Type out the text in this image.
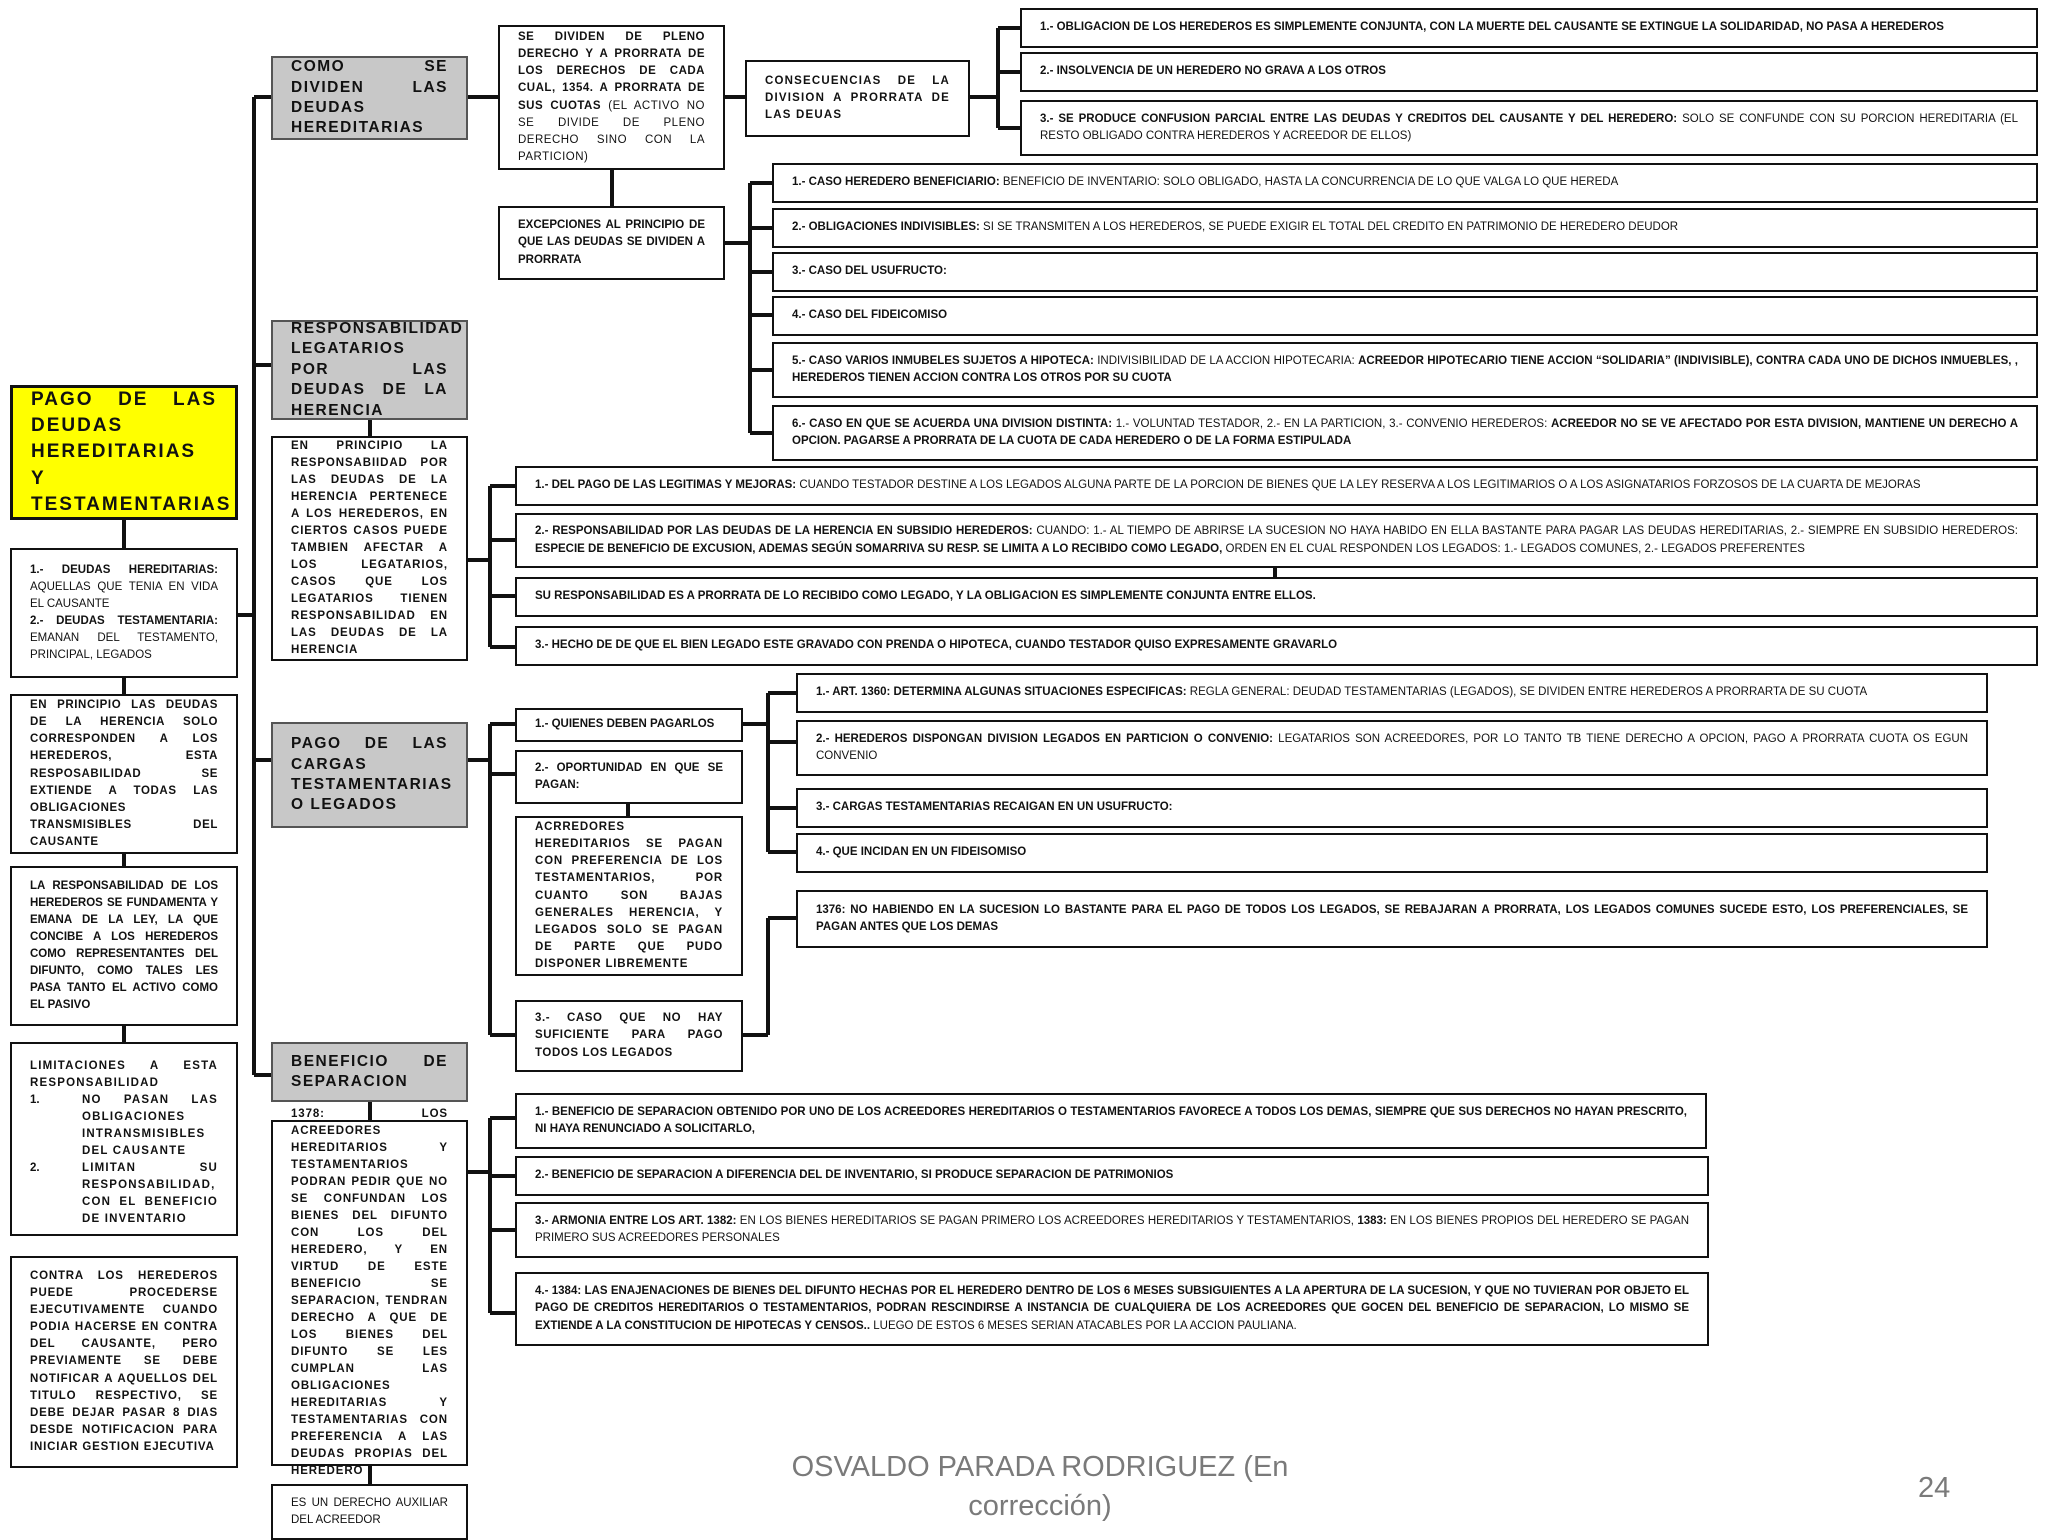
PAGO DE LAS DEUDAS HEREDITARIAS Y TESTAMENTARIAS
1.- DEUDAS HEREDITARIAS: AQUELLAS QUE TENIA EN VIDA EL CAUSANTE
2.- DEUDAS TESTAMENTARIA: EMANAN DEL TESTAMENTO, PRINCIPAL, LEGADOS
EN PRINCIPIO LAS DEUDAS DE LA HERENCIA SOLO CORRESPONDEN A LOS HEREDEROS, ESTA RESPOSABILIDAD SE EXTIENDE A TODAS LAS OBLIGACIONES TRANSMISIBLES DEL CAUSANTE
LA RESPONSABILIDAD DE LOS HEREDEROS SE FUNDAMENTA Y EMANA DE LA LEY, LA QUE CONCIBE A LOS HEREDEROS COMO REPRESENTANTES DEL DIFUNTO, COMO TALES LES PASA TANTO EL ACTIVO COMO EL PASIVO
LIMITACIONES A ESTA RESPONSABILIDAD
1.	NO PASAN LAS OBLIGACIONES INTRANSMISIBLES DEL CAUSANTE
2.	LIMITAN SU RESPONSABILIDAD, CON EL BENEFICIO DE INVENTARIO
CONTRA LOS HEREDEROS PUEDE PROCEDERSE EJECUTIVAMENTE CUANDO PODIA HACERSE EN CONTRA DEL CAUSANTE, PERO PREVIAMENTE SE DEBE NOTIFICAR A AQUELLOS DEL TITULO RESPECTIVO, SE DEBE DEJAR PASAR 8 DIAS DESDE NOTIFICACION PARA INICIAR GESTION EJECUTIVA
COMO SE DIVIDEN LAS DEUDAS HEREDITARIAS
SE DIVIDEN DE PLENO DERECHO Y A PRORRATA DE LOS DERECHOS DE CADA CUAL, 1354. A PRORRATA DE SUS CUOTAS (EL ACTIVO NO SE DIVIDE DE PLENO DERECHO SINO CON LA PARTICION)
CONSECUENCIAS DE LA DIVISION A PRORRATA DE LAS DEUAS
1.- OBLIGACION DE LOS HEREDEROS ES SIMPLEMENTE CONJUNTA, CON LA MUERTE DEL CAUSANTE SE EXTINGUE LA SOLIDARIDAD, NO PASA A HEREDEROS
2.- INSOLVENCIA DE UN HEREDERO NO GRAVA A LOS OTROS
3.- SE PRODUCE CONFUSION PARCIAL ENTRE LAS DEUDAS Y CREDITOS DEL CAUSANTE Y DEL HEREDERO: SOLO SE CONFUNDE CON SU PORCION HEREDITARIA (EL RESTO OBLIGADO CONTRA HEREDEROS Y ACREEDOR DE ELLOS)
EXCEPCIONES AL PRINCIPIO DE QUE LAS DEUDAS SE DIVIDEN A PRORRATA
1.- CASO HEREDERO BENEFICIARIO: BENEFICIO DE INVENTARIO: SOLO OBLIGADO, HASTA LA CONCURRENCIA DE LO QUE VALGA LO QUE HEREDA
2.- OBLIGACIONES INDIVISIBLES: SI SE TRANSMITEN A LOS HEREDEROS, SE PUEDE EXIGIR EL TOTAL DEL CREDITO EN PATRIMONIO DE HEREDERO DEUDOR
3.- CASO DEL USUFRUCTO:
4.- CASO DEL FIDEICOMISO
5.- CASO VARIOS INMUBELES SUJETOS A HIPOTECA: INDIVISIBILIDAD DE LA ACCION HIPOTECARIA: ACREEDOR HIPOTECARIO TIENE ACCION “SOLIDARIA” (INDIVISIBLE), CONTRA CADA UNO DE DICHOS INMUEBLES, , HEREDEROS TIENEN ACCION CONTRA LOS OTROS POR SU CUOTA
6.- CASO EN QUE SE ACUERDA UNA DIVISION DISTINTA: 1.- VOLUNTAD TESTADOR, 2.- EN LA PARTICION, 3.- CONVENIO HEREDEROS: ACREEDOR NO SE VE AFECTADO POR ESTA DIVISION, MANTIENE UN DERECHO A OPCION. PAGARSE A PRORRATA DE LA CUOTA DE CADA HEREDERO O DE LA FORMA ESTIPULADA
RESPONSABILIDAD LEGATARIOS POR LAS DEUDAS DE LA HERENCIA
EN PRINCIPIO LA RESPONSABIIDAD POR LAS DEUDAS DE LA HERENCIA PERTENECE A LOS HEREDEROS, EN CIERTOS CASOS PUEDE TAMBIEN AFECTAR A LOS LEGATARIOS, CASOS QUE LOS LEGATARIOS TIENEN RESPONSABILIDAD EN LAS DEUDAS DE LA HERENCIA
1.- DEL PAGO DE LAS LEGITIMAS Y MEJORAS: CUANDO TESTADOR DESTINE A LOS LEGADOS ALGUNA PARTE DE LA PORCION DE BIENES QUE LA LEY RESERVA A LOS LEGITIMARIOS O A LOS ASIGNATARIOS FORZOSOS DE LA CUARTA DE MEJORAS
2.- RESPONSABILIDAD POR LAS DEUDAS DE LA HERENCIA EN SUBSIDIO HEREDEROS: CUANDO: 1.- AL TIEMPO DE ABRIRSE LA SUCESION NO HAYA HABIDO EN ELLA BASTANTE PARA PAGAR LAS DEUDAS HEREDITARIAS, 2.- SIEMPRE EN SUBSIDIO HEREDEROS: ESPECIE DE BENEFICIO DE EXCUSION, ADEMAS SEGÚN SOMARRIVA SU RESP. SE LIMITA A LO RECIBIDO COMO LEGADO, ORDEN EN EL CUAL RESPONDEN LOS LEGADOS: 1.- LEGADOS COMUNES, 2.- LEGADOS PREFERENTES
SU RESPONSABILIDAD ES A PRORRATA DE LO RECIBIDO COMO LEGADO, Y LA OBLIGACION ES SIMPLEMENTE CONJUNTA ENTRE ELLOS.
3.- HECHO DE DE QUE EL BIEN LEGADO ESTE GRAVADO CON PRENDA O HIPOTECA, CUANDO TESTADOR QUISO EXPRESAMENTE GRAVARLO
PAGO DE LAS CARGAS TESTAMENTARIAS O LEGADOS
1.- QUIENES DEBEN PAGARLOS
2.- OPORTUNIDAD EN QUE SE PAGAN:
ACRREDORES HEREDITARIOS SE PAGAN CON PREFERENCIA DE LOS TESTAMENTARIOS, POR CUANTO SON BAJAS GENERALES HERENCIA, Y LEGADOS SOLO SE PAGAN DE PARTE QUE PUDO DISPONER LIBREMENTE
3.- CASO QUE NO HAY SUFICIENTE PARA PAGO TODOS LOS LEGADOS
1.- ART. 1360: DETERMINA ALGUNAS SITUACIONES ESPECIFICAS: REGLA GENERAL: DEUDAD TESTAMENTARIAS (LEGADOS), SE DIVIDEN ENTRE HEREDEROS A PRORRARTA DE SU CUOTA
2.- HEREDEROS DISPONGAN DIVISION LEGADOS EN PARTICION O CONVENIO: LEGATARIOS SON ACREEDORES, POR LO TANTO TB TIENE DERECHO A OPCION, PAGO A PRORRATA CUOTA OS EGUN CONVENIO
3.- CARGAS TESTAMENTARIAS RECAIGAN EN UN USUFRUCTO:
4.- QUE INCIDAN EN UN FIDEISOMISO
1376: NO HABIENDO EN LA SUCESION LO BASTANTE PARA EL PAGO DE TODOS LOS LEGADOS, SE REBAJARAN A PRORRATA, LOS LEGADOS COMUNES SUCEDE ESTO, LOS PREFERENCIALES, SE PAGAN ANTES QUE LOS DEMAS
BENEFICIO DE SEPARACION
1378: LOS ACREEDORES HEREDITARIOS Y TESTAMENTARIOS PODRAN PEDIR QUE NO SE CONFUNDAN LOS BIENES DEL DIFUNTO CON LOS DEL HEREDERO, Y EN VIRTUD DE ESTE BENEFICIO SE SEPARACION, TENDRAN DERECHO A QUE DE LOS BIENES DEL DIFUNTO SE LES CUMPLAN LAS OBLIGACIONES HEREDITARIAS Y TESTAMENTARIAS CON PREFERENCIA A LAS DEUDAS PROPIAS DEL HEREDERO
ES UN DERECHO AUXILIAR DEL ACREEDOR
1.- BENEFICIO DE SEPARACION OBTENIDO POR UNO DE LOS ACREEDORES HEREDITARIOS O TESTAMENTARIOS FAVORECE A TODOS LOS DEMAS, SIEMPRE QUE SUS DERECHOS NO HAYAN PRESCRITO, NI HAYA RENUNCIADO A SOLICITARLO,
2.- BENEFICIO DE SEPARACION A DIFERENCIA DEL DE INVENTARIO, SI PRODUCE SEPARACION DE PATRIMONIOS
3.- ARMONIA ENTRE LOS ART. 1382: EN LOS BIENES HEREDITARIOS SE PAGAN PRIMERO LOS ACREEDORES HEREDITARIOS Y TESTAMENTARIOS, 1383: EN LOS BIENES PROPIOS DEL HEREDERO SE PAGAN PRIMERO SUS ACREEDORES PERSONALES
4.- 1384: LAS ENAJENACIONES DE BIENES DEL DIFUNTO HECHAS POR EL HEREDERO DENTRO DE LOS 6 MESES SUBSIGUIENTES A LA APERTURA DE LA SUCESION, Y QUE NO TUVIERAN POR OBJETO EL PAGO DE CREDITOS HEREDITARIOS O TESTAMENTARIOS, PODRAN RESCINDIRSE A INSTANCIA DE CUALQUIERA DE LOS ACREEDORES QUE GOCEN DEL BENEFICIO DE SEPARACION, LO MISMO SE EXTIENDE A LA CONSTITUCION DE HIPOTECAS Y CENSOS.. LUEGO DE ESTOS 6 MESES SERIAN ATACABLES POR LA ACCION PAULIANA.
OSVALDO PARADA RODRIGUEZ (En corrección)
24
